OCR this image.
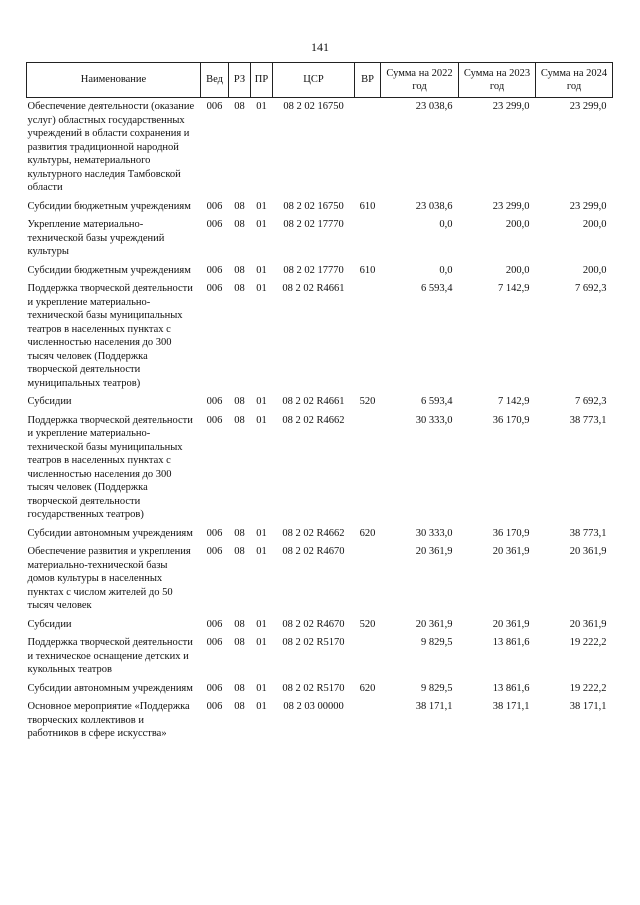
141
Наименование	Вед	РЗ	ПР	ЦСР	ВР	Сумма на 2022 год	Сумма на 2023 год	Сумма на 2024 год
Обеспечение деятельности (оказание услуг) областных государственных учреждений в области сохранения и развития традиционной народной культуры, нематериального культурного наследия Тамбовской области	006	08	01	08 2 02 16750		23 038,6	23 299,0	23 299,0
Субсидии бюджетным учреждениям	006	08	01	08 2 02 16750	610	23 038,6	23 299,0	23 299,0
Укрепление материально-технической базы учреждений культуры	006	08	01	08 2 02 17770		0,0	200,0	200,0
Субсидии бюджетным учреждениям	006	08	01	08 2 02 17770	610	0,0	200,0	200,0
Поддержка творческой деятельности и укрепление материально-технической базы муниципальных театров в населенных пунктах с численностью населения до 300 тысяч человек (Поддержка творческой деятельности муниципальных театров)	006	08	01	08 2 02 R4661		6 593,4	7 142,9	7 692,3
Субсидии	006	08	01	08 2 02 R4661	520	6 593,4	7 142,9	7 692,3
Поддержка творческой деятельности и укрепление материально-технической базы муниципальных театров в населенных пунктах с численностью населения до 300 тысяч человек (Поддержка творческой деятельности государственных театров)	006	08	01	08 2 02 R4662		30 333,0	36 170,9	38 773,1
Субсидии автономным учреждениям	006	08	01	08 2 02 R4662	620	30 333,0	36 170,9	38 773,1
Обеспечение развития и укрепления материально-технической базы домов культуры в населенных пунктах с числом жителей до 50 тысяч человек	006	08	01	08 2 02 R4670		20 361,9	20 361,9	20 361,9
Субсидии	006	08	01	08 2 02 R4670	520	20 361,9	20 361,9	20 361,9
Поддержка творческой деятельности и техническое оснащение детских и кукольных театров	006	08	01	08 2 02 R5170		9 829,5	13 861,6	19 222,2
Субсидии автономным учреждениям	006	08	01	08 2 02 R5170	620	9 829,5	13 861,6	19 222,2
Основное мероприятие «Поддержка творческих коллективов и работников в сфере искусства»	006	08	01	08 2 03 00000		38 171,1	38 171,1	38 171,1
